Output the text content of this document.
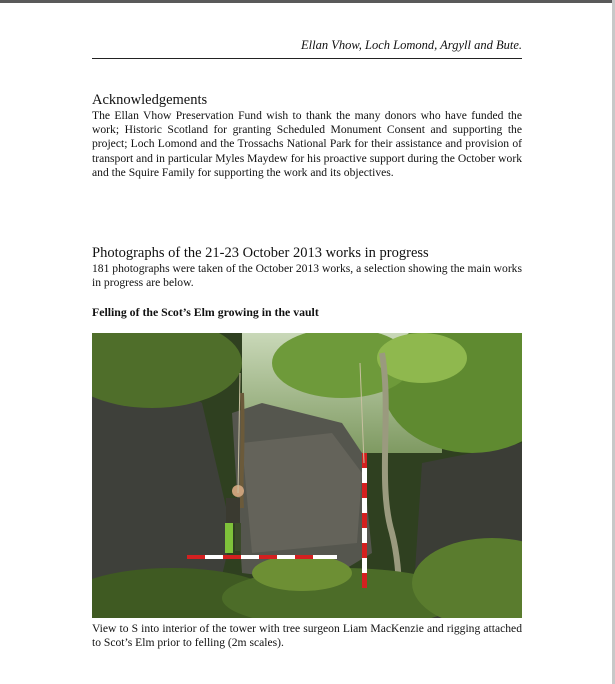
Ellan Vhow, Loch Lomond, Argyll and Bute.
Acknowledgements

The Ellan Vhow Preservation Fund wish to thank the many donors who have funded the work; Historic Scotland for granting Scheduled Monument Consent and supporting the project; Loch Lomond and the Trossachs National Park for their assistance and provision of transport and in particular Myles Maydew for his proactive support during the October work and the Squire Family for supporting the work and its objectives.

Photographs of the 21-23 October 2013 works in progress

181 photographs were taken of the October 2013 works, a selection showing the main works in progress are below.

Felling of the Scot’s Elm growing in the vault

View to S into interior of the tower with tree surgeon Liam MacKenzie and rigging attached to Scot’s Elm prior to felling (2m scales).
